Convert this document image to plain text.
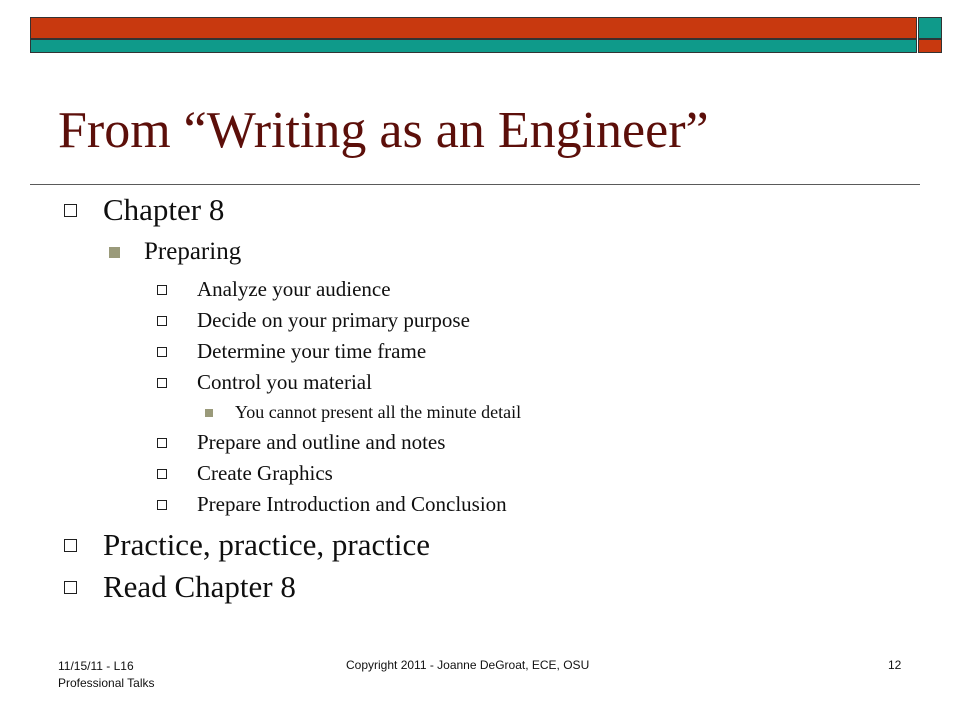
From “Writing as an Engineer”
Chapter 8
Preparing
Analyze your audience
Decide on your primary purpose
Determine your time frame
Control you material
You cannot present all the minute detail
Prepare and outline and notes
Create Graphics
Prepare Introduction and Conclusion
Practice, practice, practice
Read Chapter 8
11/15/11 - L16
Professional Talks
Copyright 2011 - Joanne DeGroat, ECE, OSU	12
